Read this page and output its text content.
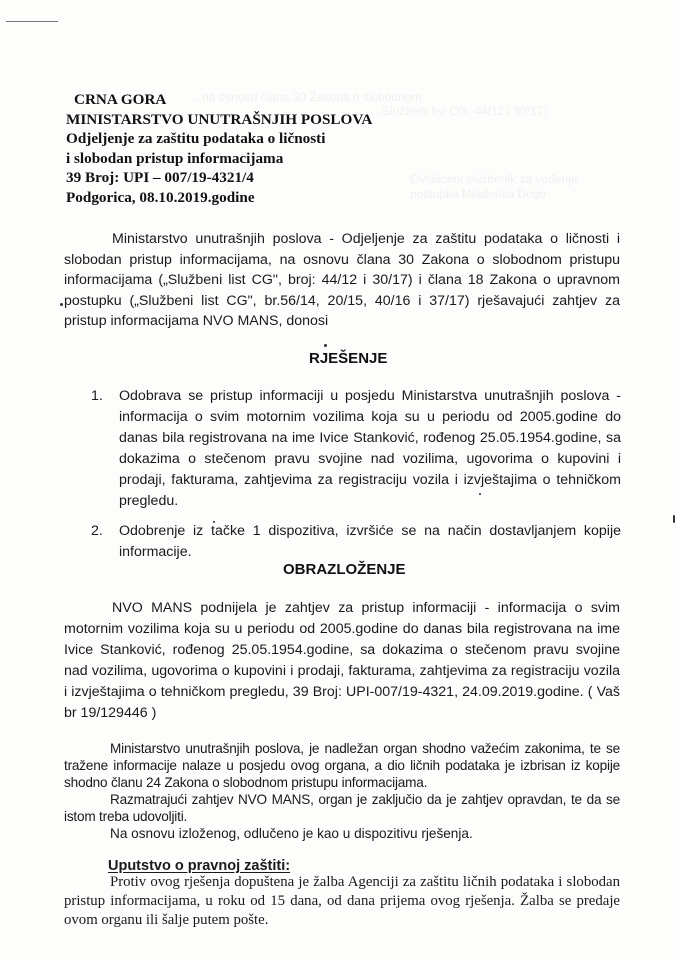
…na osnovu člana 30 Zakona o slobodnom
…Službeni list CG, 44/12 i 30/17)
Ovlašćeni službenik za vođenje postupka Mladenka Đogo
CRNA GORA
MINISTARSTVO UNUTRAŠNJIH POSLOVA
Odjeljenje za zaštitu podataka o ličnosti
i slobodan pristup informacijama
39 Broj: UPI – 007/19-4321/4
Podgorica, 08.10.2019.godine
Ministarstvo unutrašnjih poslova - Odjeljenje za zaštitu podataka o ličnosti i slobodan pristup informacijama, na osnovu člana 30 Zakona o slobodnom pristupu informacijama („Službeni list CG", broj: 44/12 i 30/17) i člana 18 Zakona o upravnom postupku („Službeni list CG", br.56/14, 20/15, 40/16 i 37/17) rješavajući zahtjev za pristup informacijama NVO MANS, donosi
RJEŠENJE
1. Odobrava se pristup informaciji u posjedu Ministarstva unutrašnjih poslova - informacija o svim motornim vozilima koja su u periodu od 2005.godine do danas bila registrovana na ime Ivice Stanković, rođenog 25.05.1954.godine, sa dokazima o stečenom pravu svojine nad vozilima, ugovorima o kupovini i prodaji, fakturama, zahtjevima za registraciju vozila i izvještajima o tehničkom pregledu.
2. Odobrenje iz tačke 1 dispozitiva, izvršiće se na način dostavljanjem kopije informacije.
OBRAZLOŽENJE
NVO MANS podnijela je zahtjev za pristup informaciji - informacija o svim motornim vozilima koja su u periodu od 2005.godine do danas bila registrovana na ime Ivice Stanković, rođenog 25.05.1954.godine, sa dokazima o stečenom pravu svojine nad vozilima, ugovorima o kupovini i prodaji, fakturama, zahtjevima za registraciju vozila i izvještajima o tehničkom pregledu, 39 Broj: UPI-007/19-4321, 24.09.2019.godine. ( Vaš br 19/129446 )
Ministarstvo unutrašnjih poslova, je nadležan organ shodno važećim zakonima, te se tražene informacije nalaze u posjedu ovog organa, a dio ličnih podataka je izbrisan iz kopije shodno članu 24 Zakona o slobodnom pristupu informacijama.
Razmatrajući zahtjev NVO MANS, organ je zaključio da je zahtjev opravdan, te da se istom treba udovoljiti.
Na osnovu izloženog, odlučeno je kao u dispozitivu rješenja.
Uputstvo o pravnoj zaštiti:
Protiv ovog rješenja dopuštena je žalba Agenciji za zaštitu ličnih podataka i slobodan pristup informacijama, u roku od 15 dana, od dana prijema ovog rješenja. Žalba se predaje ovom organu ili šalje putem pošte.
